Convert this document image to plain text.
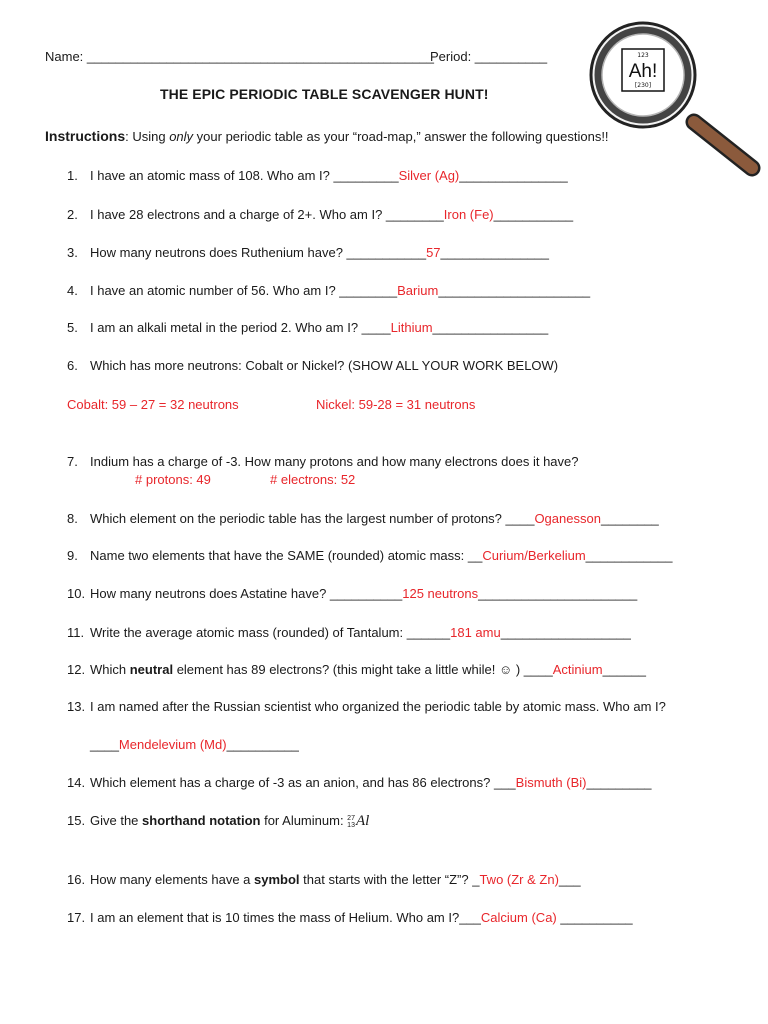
Name: ________________________________________________
Period: __________
THE EPIC PERIODIC TABLE SCAVENGER HUNT!
123
Ah!
[230]
Instructions: Using only your periodic table as your “road-map,” answer the following questions!!
1. I have an atomic mass of 108. Who am I? _________Silver (Ag)_______________
2. I have 28 electrons and a charge of 2+. Who am I? ________Iron (Fe)___________
3. How many neutrons does Ruthenium have? ___________57_______________
4. I have an atomic number of 56. Who am I? ________Barium_____________________
5. I am an alkali metal in the period 2. Who am I? ____Lithium________________
6. Which has more neutrons: Cobalt or Nickel? (SHOW ALL YOUR WORK BELOW)
Cobalt: 59 – 27 = 32 neutrons	Nickel: 59-28 = 31 neutrons
7. Indium has a charge of -3. How many protons and how many electrons does it have?
# protons: 49	# electrons: 52
8. Which element on the periodic table has the largest number of protons? ____Oganesson________
9. Name two elements that have the SAME (rounded) atomic mass: __Curium/Berkelium____________
10. How many neutrons does Astatine have? __________125 neutrons______________________
11. Write the average atomic mass (rounded) of Tantalum: ______181 amu__________________
12. Which neutral element has 89 electrons? (this might take a little while! ☺ ) ____Actinium______
13. I am named after the Russian scientist who organized the periodic table by atomic mass. Who am I?
____Mendelevium (Md)__________
14. Which element has a charge of -3 as an anion, and has 86 electrons? ___Bismuth (Bi)_________
15. Give the shorthand notation for Aluminum: 27
13 Al
16. How many elements have a symbol that starts with the letter “Z”? _Two (Zr & Zn)___
17. I am an element that is 10 times the mass of Helium. Who am I?___Calcium (Ca) __________
